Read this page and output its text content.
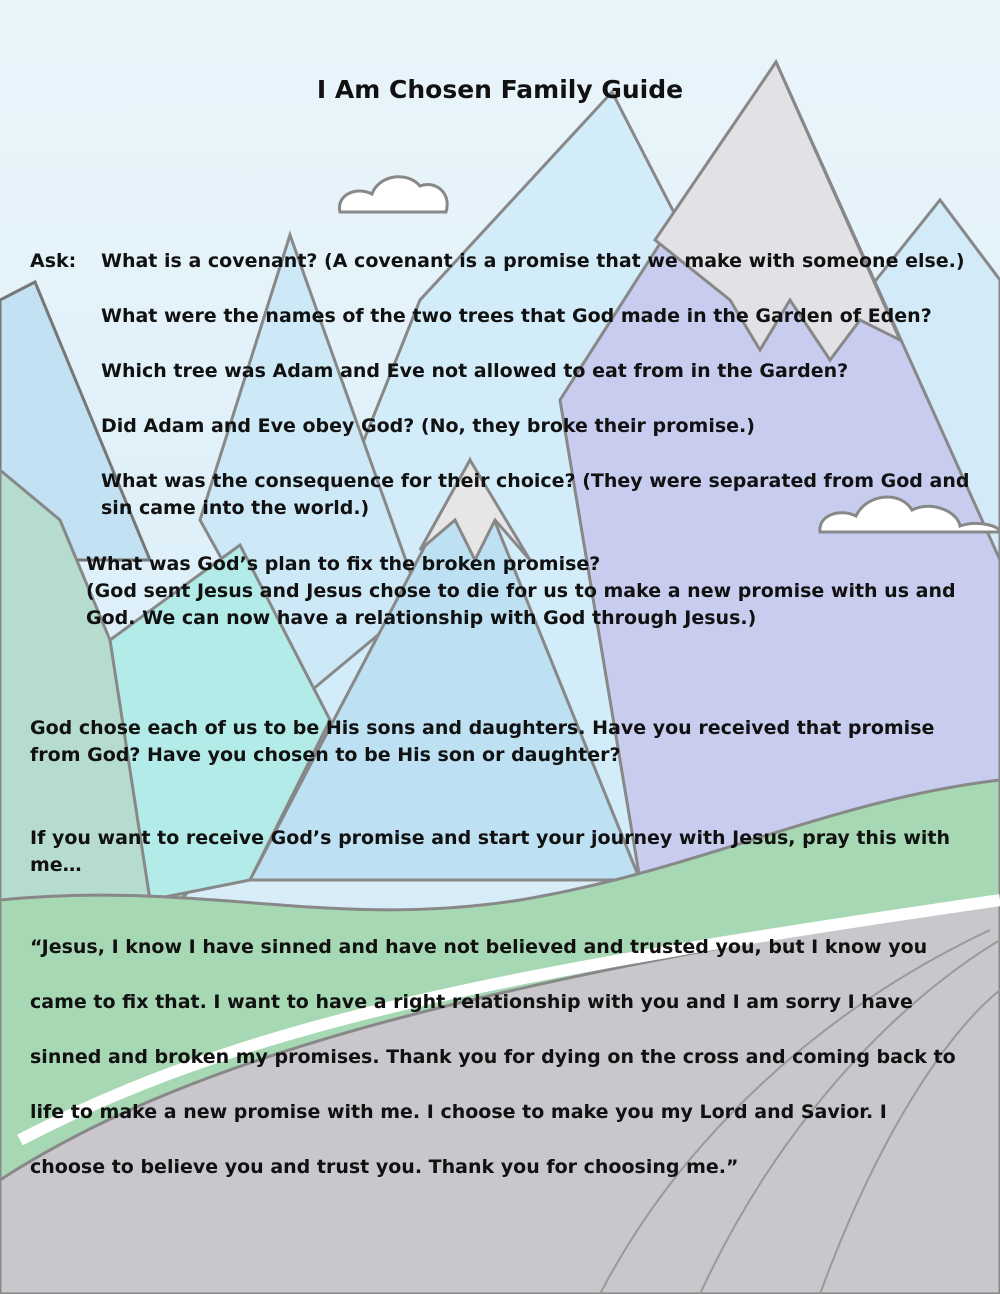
I Am Chosen Family Guide

Ask: What is a covenant? (A covenant is a promise that we make with someone else.)

What were the names of the two trees that God made in the Garden of Eden?

Which tree was Adam and Eve not allowed to eat from in the Garden?

Did Adam and Eve obey God? (No, they broke their promise.)

What was the consequence for their choice? (They were separated from God and sin came into the world.)

What was God’s plan to fix the broken promise?

(God sent Jesus and Jesus chose to die for us to make a new promise with us and God. We can now have a relationship with God through Jesus.)

God chose each of us to be His sons and daughters. Have you received that promise from God? Have you chosen to be His son or daughter?

If you want to receive God’s promise and start your journey with Jesus, pray this with me…

“Jesus, I know I have sinned and have not believed and trusted you, but I know you

came to fix that. I want to have a right relationship with you and I am sorry I have

sinned and broken my promises. Thank you for dying on the cross and coming back to

life to make a new promise with me. I choose to make you my Lord and Savior. I

choose to believe you and trust you. Thank you for choosing me.”
